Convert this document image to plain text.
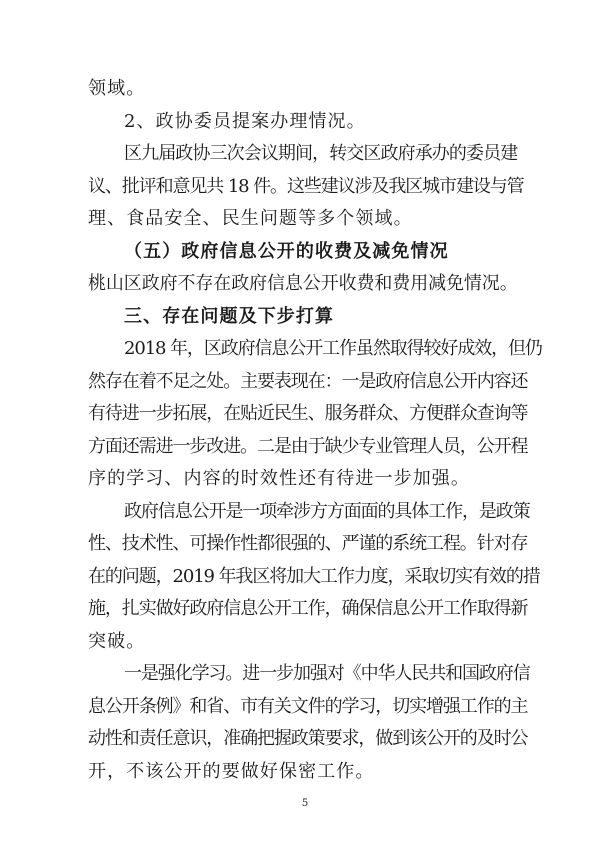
领域。
2、政协委员提案办理情况。
区九届政协三次会议期间，转交区政府承办的委员建
议、批评和意见共 18 件。这些建议涉及我区城市建设与管
理、食品安全、民生问题等多个领域。
（五）政府信息公开的收费及减免情况
桃山区政府不存在政府信息公开收费和费用减免情况。
三、存在问题及下步打算
2018 年，区政府信息公开工作虽然取得较好成效，但仍
然存在着不足之处。主要表现在：一是政府信息公开内容还
有待进一步拓展，在贴近民生、服务群众、方便群众查询等
方面还需进一步改进。二是由于缺少专业管理人员，公开程
序的学习、内容的时效性还有待进一步加强。
政府信息公开是一项牵涉方方面面的具体工作，是政策
性、技术性、可操作性都很强的、严谨的系统工程。针对存
在的问题，2019 年我区将加大工作力度，采取切实有效的措
施，扎实做好政府信息公开工作，确保信息公开工作取得新
突破。
一是强化学习。进一步加强对《中华人民共和国政府信
息公开条例》和省、市有关文件的学习，切实增强工作的主
动性和责任意识，准确把握政策要求，做到该公开的及时公
开，不该公开的要做好保密工作。
5
